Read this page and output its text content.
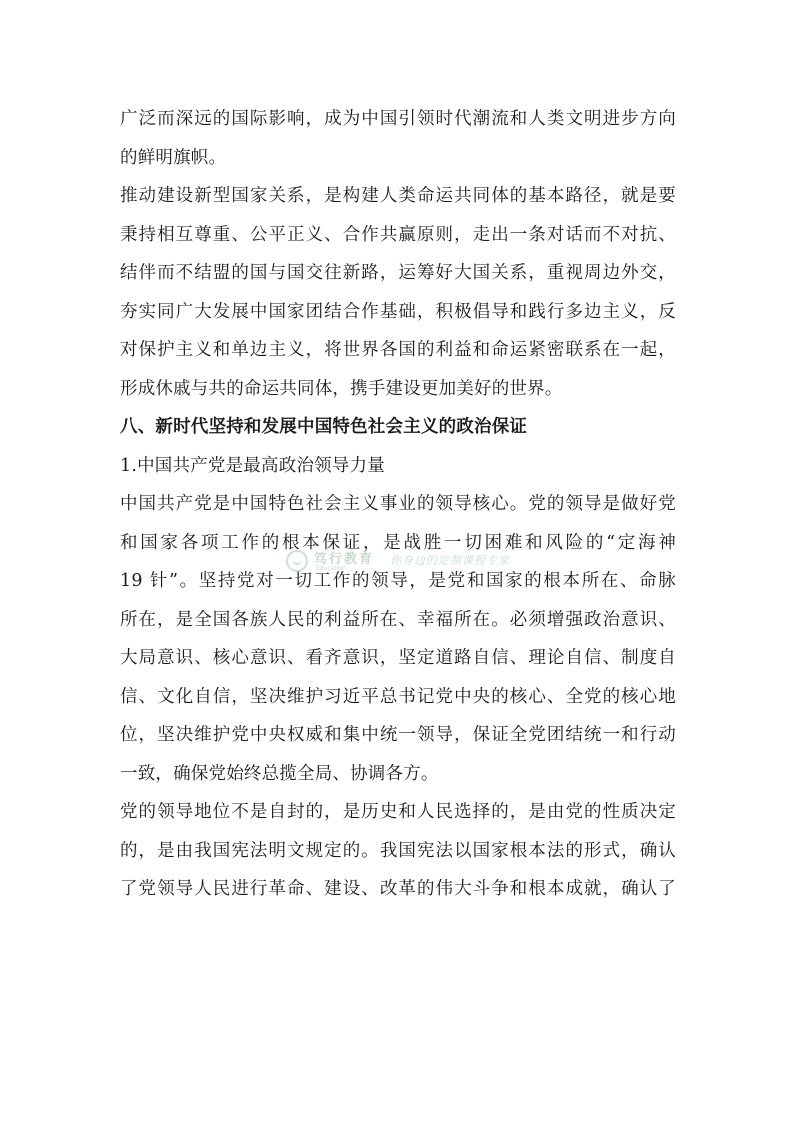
广泛而深远的国际影响，成为中国引领时代潮流和人类文明进步方向
的鲜明旗帜。
推动建设新型国家关系，是构建人类命运共同体的基本路径，就是要
秉持相互尊重、公平正义、合作共赢原则，走出一条对话而不对抗、
结伴而不结盟的国与国交往新路，运筹好大国关系，重视周边外交，
夯实同广大发展中国家团结合作基础，积极倡导和践行多边主义，反
对保护主义和单边主义，将世界各国的利益和命运紧密联系在一起，
形成休戚与共的命运共同体，携手建设更加美好的世界。
八、新时代坚持和发展中国特色社会主义的政治保证
1.中国共产党是最高政治领导力量
中国共产党是中国特色社会主义事业的领导核心。党的领导是做好党
和国家各项工作的根本保证，是战胜一切困难和风险的“定海神
19 针”。坚持党对一切工作的领导，是党和国家的根本所在、命脉
所在，是全国各族人民的利益所在、幸福所在。必须增强政治意识、
大局意识、核心意识、看齐意识，坚定道路自信、理论自信、制度自
信、文化自信，坚决维护习近平总书记党中央的核心、全党的核心地
位，坚决维护党中央权威和集中统一领导，保证全党团结统一和行动
一致，确保党始终总揽全局、协调各方。
党的领导地位不是自封的，是历史和人民选择的，是由党的性质决定
的，是由我国宪法明文规定的。我国宪法以国家根本法的形式，确认
了党领导人民进行革命、建设、改革的伟大斗争和根本成就，确认了
笃行教育
Education
你身边的定制课程专家
